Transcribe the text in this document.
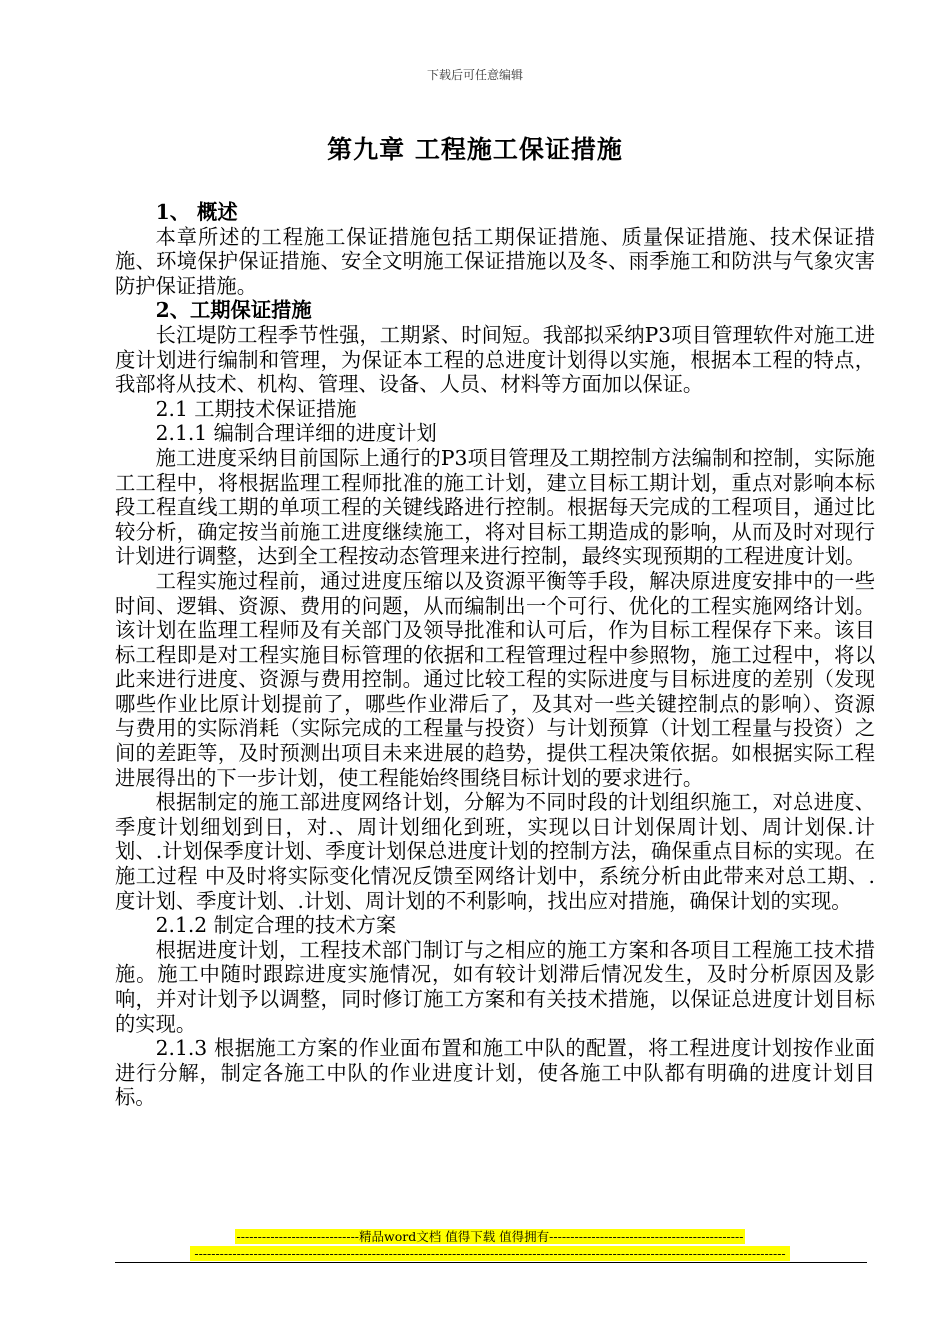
下载后可任意编辑
第九章 工程施工保证措施

1、 概述

本章所述的工程施工保证措施包括工期保证措施、质量保证措施、技术保证措施、环境保护保证措施、安全文明施工保证措施以及冬、雨季施工和防洪与气象灾害防护保证措施。

2、工期保证措施

长江堤防工程季节性强，工期紧、时间短。我部拟采纳P3项目管理软件对施工进度计划进行编制和管理，为保证本工程的总进度计划得以实施，根据本工程的特点，我部将从技术、机构、管理、设备、人员、材料等方面加以保证。

2.1 工期技术保证措施

2.1.1 编制合理详细的进度计划

施工进度采纳目前国际上通行的P3项目管理及工期控制方法编制和控制，实际施工工程中，将根据监理工程师批准的施工计划，建立目标工期计划，重点对影响本标段工程直线工期的单项工程的关键线路进行控制。根据每天完成的工程项目，通过比较分析，确定按当前施工进度继续施工，将对目标工期造成的影响，从而及时对现行计划进行调整，达到全工程按动态管理来进行控制，最终实现预期的工程进度计划。

工程实施过程前，通过进度压缩以及资源平衡等手段，解决原进度安排中的一些时间、逻辑、资源、费用的问题，从而编制出一个可行、优化的工程实施网络计划。该计划在监理工程师及有关部门及领导批准和认可后，作为目标工程保存下来。该目标工程即是对工程实施目标管理的依据和工程管理过程中参照物，施工过程中，将以此来进行进度、资源与费用控制。通过比较工程的实际进度与目标进度的差别（发现哪些作业比原计划提前了，哪些作业滞后了，及其对一些关键控制点的影响）、资源与费用的实际消耗（实际完成的工程量与投资）与计划预算（计划工程量与投资）之间的差距等，及时预测出项目未来进展的趋势，提供工程决策依据。如根据实际工程进展得出的下一步计划，使工程能始终围绕目标计划的要求进行。

根据制定的施工部进度网络计划，分解为不同时段的计划组织施工，对总进度、季度计划细划到日，对.、周计划细化到班，实现以日计划保周计划、周计划保.计划、.计划保季度计划、季度计划保总进度计划的控制方法，确保重点目标的实现。在施工过程 中及时将实际变化情况反馈至网络计划中，系统分析由此带来对总工期、.度计划、季度计划、.计划、周计划的不利影响，找出应对措施，确保计划的实现。

2.1.2 制定合理的技术方案

根据进度计划，工程技术部门制订与之相应的施工方案和各项目工程施工技术措施。施工中随时跟踪进度实施情况，如有较计划滞后情况发生，及时分析原因及影响，并对计划予以调整，同时修订施工方案和有关技术措施，以保证总进度计划目标的实现。

2.1.3 根据施工方案的作业面布置和施工中队的配置，将工程进度计划按作业面进行分解，制定各施工中队的作业进度计划，使各施工中队都有明确的进度计划目标。

-----------------------------精品word文档 值得下载 值得拥有----------------------------------------------
--------------------------------------------------------------------------------------------------------------------------------------------
